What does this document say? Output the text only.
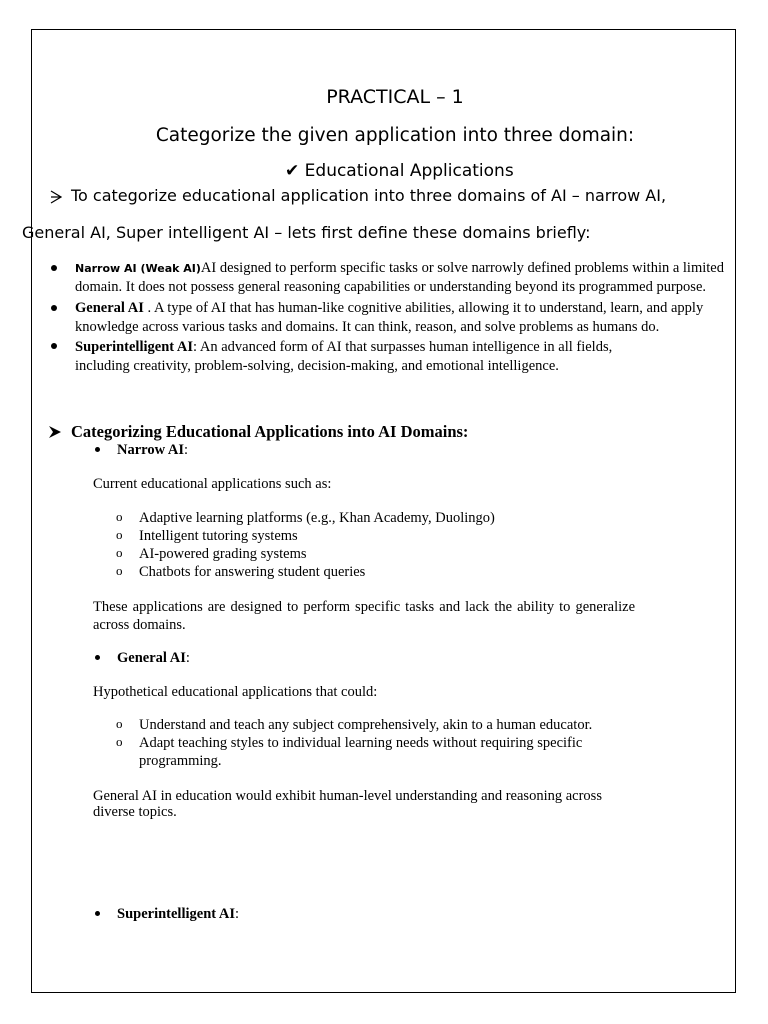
PRACTICAL – 1
Categorize the given application into three domain:
✔ Educational Applications
To categorize educational application into three domains of AI – narrow AI,
General AI, Super intelligent AI – lets first define these domains briefly:
Narrow AI (Weak AI)AI designed to perform specific tasks or solve narrowly defined problems within a limited
domain. It does not possess general reasoning capabilities or understanding beyond its programmed purpose.
General AI . A type of AI that has human-like cognitive abilities, allowing it to understand, learn, and apply
knowledge across various tasks and domains. It can think, reason, and solve problems as humans do.
Superintelligent AI: An advanced form of AI that surpasses human intelligence in all fields,
including creativity, problem-solving, decision-making, and emotional intelligence.
Categorizing Educational Applications into AI Domains:
Narrow AI:
Current educational applications such as:
o Adaptive learning platforms (e.g., Khan Academy, Duolingo)
o Intelligent tutoring systems
o AI-powered grading systems
o Chatbots for answering student queries
These applications are designed to perform specific tasks and lack the ability to generalize
across domains.
General AI:
Hypothetical educational applications that could:
o Understand and teach any subject comprehensively, akin to a human educator.
o Adapt teaching styles to individual learning needs without requiring specific
programming.
General AI in education would exhibit human-level understanding and reasoning across
diverse topics.
Superintelligent AI:
